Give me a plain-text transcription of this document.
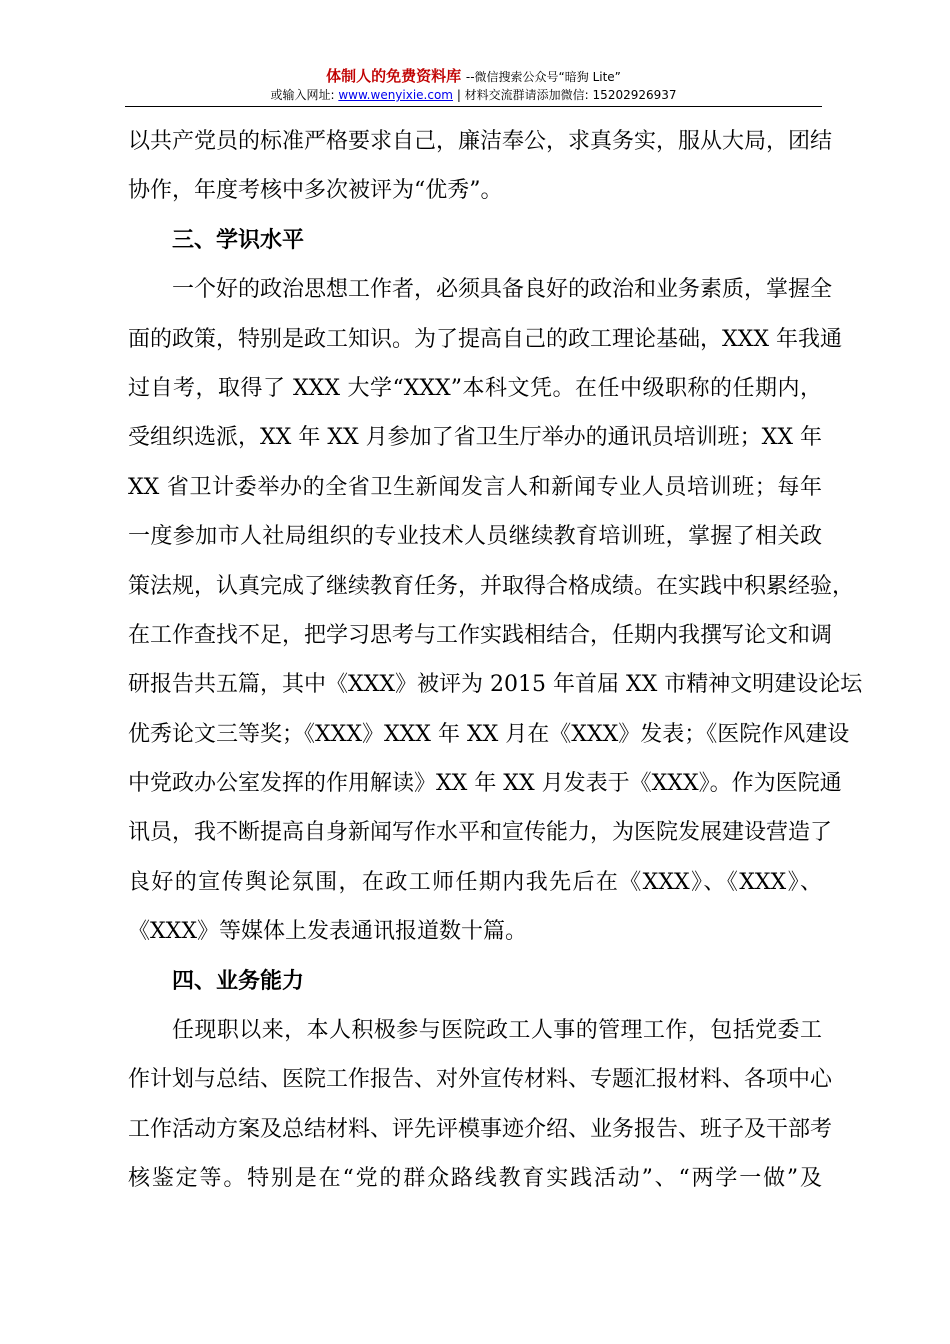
体制人的免费资料库 --微信搜索公众号“暗狗 Lite”
或输入网址: www.wenyixie.com | 材料交流群请添加微信: 15202926937
以共产党员的标准严格要求自己，廉洁奉公，求真务实，服从大局，团结
协作，年度考核中多次被评为“优秀”。
三、学识水平
一个好的政治思想工作者，必须具备良好的政治和业务素质，掌握全
面的政策，特别是政工知识。为了提高自己的政工理论基础，XXX 年我通
过自考，取得了 XXX 大学“XXX”本科文凭。在任中级职称的任期内，
受组织选派，XX 年 XX 月参加了省卫生厅举办的通讯员培训班；XX 年
XX 省卫计委举办的全省卫生新闻发言人和新闻专业人员培训班；每年
一度参加市人社局组织的专业技术人员继续教育培训班，掌握了相关政
策法规，认真完成了继续教育任务，并取得合格成绩。在实践中积累经验，
在工作查找不足，把学习思考与工作实践相结合，任期内我撰写论文和调
研报告共五篇，其中《XXX》被评为 2015 年首届 XX 市精神文明建设论坛
优秀论文三等奖；《XXX》XXX 年 XX 月在《XXX》发表；《医院作风建设
中党政办公室发挥的作用解读》XX 年 XX 月发表于《XXX》。作为医院通
讯员，我不断提高自身新闻写作水平和宣传能力，为医院发展建设营造了
良好的宣传舆论氛围，在政工师任期内我先后在《XXX》、《XXX》、
《XXX》等媒体上发表通讯报道数十篇。
四、业务能力
任现职以来，本人积极参与医院政工人事的管理工作，包括党委工
作计划与总结、医院工作报告、对外宣传材料、专题汇报材料、各项中心
工作活动方案及总结材料、评先评模事迹介绍、业务报告、班子及干部考
核鉴定等。特别是在“党的群众路线教育实践活动”、“两学一做”及
